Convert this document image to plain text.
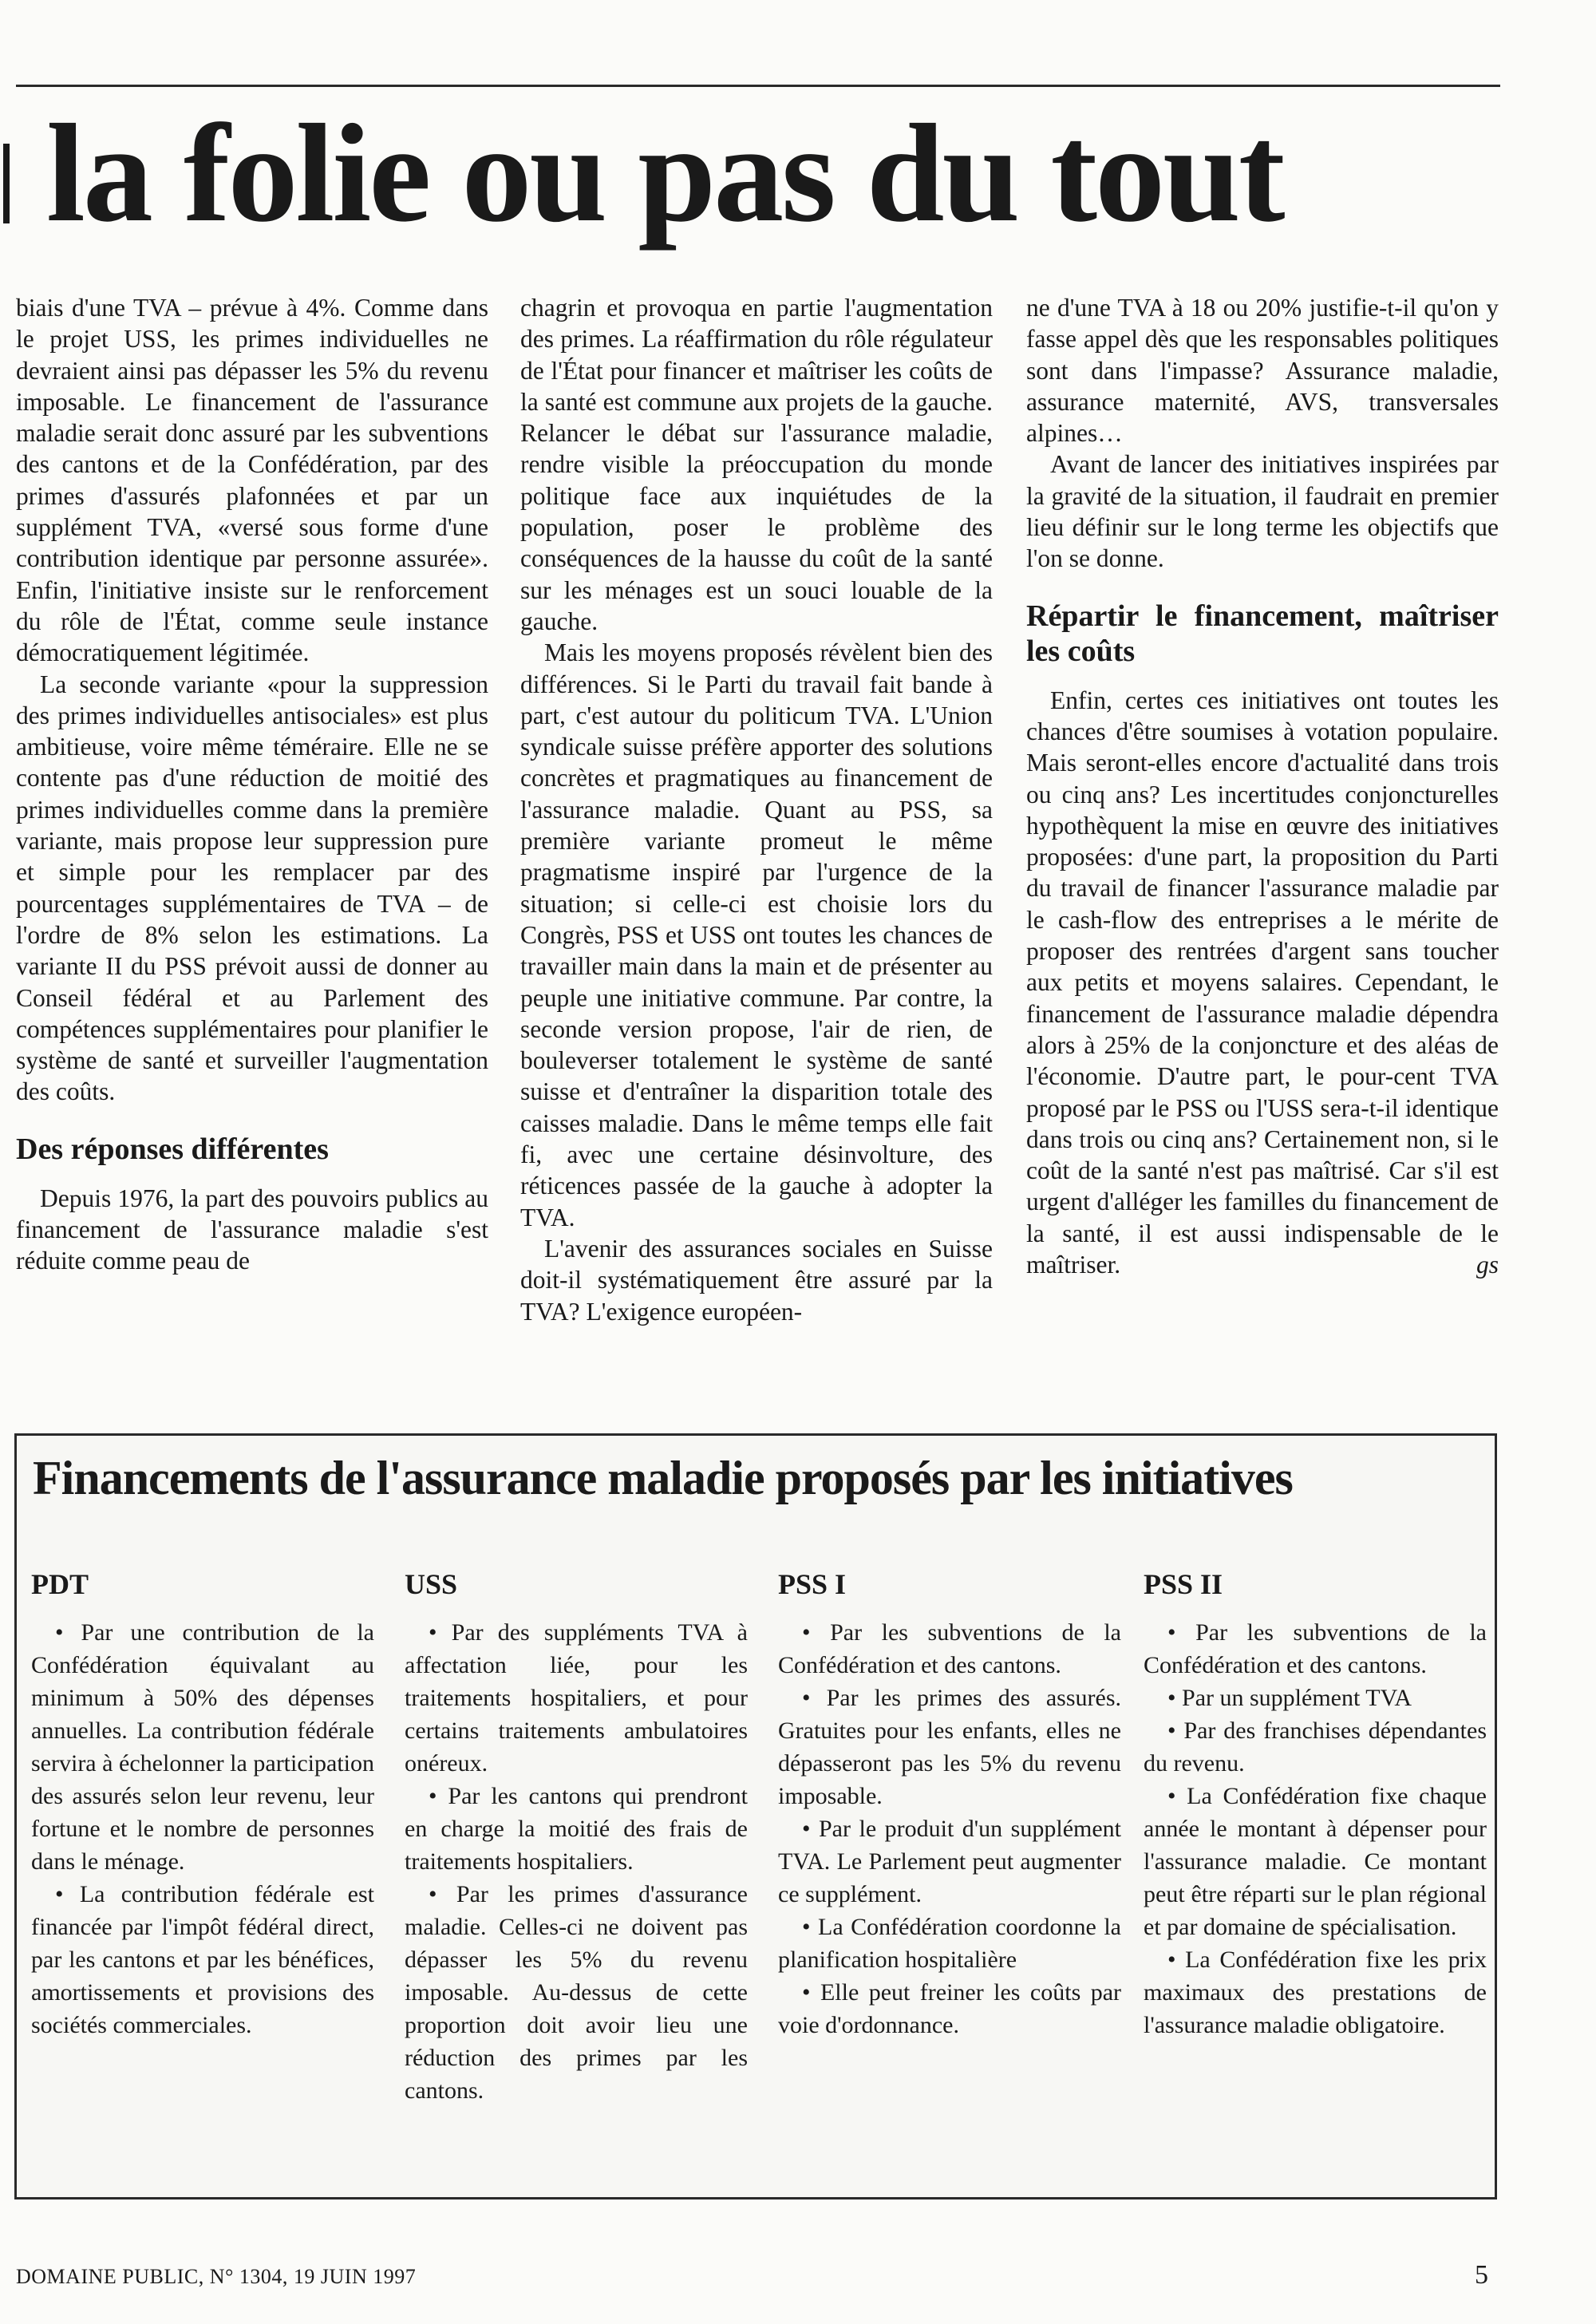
la folie ou pas du tout

biais d'une TVA – prévue à 4%. Comme dans le projet USS, les primes individuelles ne devraient ainsi pas dépasser les 5% du revenu imposable. Le financement de l'assurance maladie serait donc assuré par les subventions des cantons et de la Confédération, par des primes d'assurés plafonnées et par un supplément TVA, «versé sous forme d'une contribution identique par personne assurée». Enfin, l'initiative insiste sur le renforcement du rôle de l'État, comme seule instance démocratiquement légitimée.

La seconde variante «pour la suppression des primes individuelles antisociales» est plus ambitieuse, voire même téméraire. Elle ne se contente pas d'une réduction de moitié des primes individuelles comme dans la première variante, mais propose leur suppression pure et simple pour les remplacer par des pourcentages supplémentaires de TVA – de l'ordre de 8% selon les estimations. La variante II du PSS prévoit aussi de donner au Conseil fédéral et au Parlement des compétences supplémentaires pour planifier le système de santé et surveiller l'augmentation des coûts.

Des réponses différentes

Depuis 1976, la part des pouvoirs publics au financement de l'assurance maladie s'est réduite comme peau de

chagrin et provoqua en partie l'augmentation des primes. La réaffirmation du rôle régulateur de l'État pour financer et maîtriser les coûts de la santé est commune aux projets de la gauche. Relancer le débat sur l'assurance maladie, rendre visible la préoccupation du monde politique face aux inquiétudes de la population, poser le problème des conséquences de la hausse du coût de la santé sur les ménages est un souci louable de la gauche.

Mais les moyens proposés révèlent bien des différences. Si le Parti du travail fait bande à part, c'est autour du politicum TVA. L'Union syndicale suisse préfère apporter des solutions concrètes et pragmatiques au financement de l'assurance maladie. Quant au PSS, sa première variante promeut le même pragmatisme inspiré par l'urgence de la situation; si celle-ci est choisie lors du Congrès, PSS et USS ont toutes les chances de travailler main dans la main et de présenter au peuple une initiative commune. Par contre, la seconde version propose, l'air de rien, de bouleverser totalement le système de santé suisse et d'entraîner la disparition totale des caisses maladie. Dans le même temps elle fait fi, avec une certaine désinvolture, des réticences passée de la gauche à adopter la TVA.

L'avenir des assurances sociales en Suisse doit-il systématiquement être assuré par la TVA? L'exigence européen-

ne d'une TVA à 18 ou 20% justifie-t-il qu'on y fasse appel dès que les responsables politiques sont dans l'impasse? Assurance maladie, assurance maternité, AVS, transversales alpines…

Avant de lancer des initiatives inspirées par la gravité de la situation, il faudrait en premier lieu définir sur le long terme les objectifs que l'on se donne.

Répartir le financement, maîtriser les coûts

Enfin, certes ces initiatives ont toutes les chances d'être soumises à votation populaire. Mais seront-elles encore d'actualité dans trois ou cinq ans? Les incertitudes conjoncturelles hypothèquent la mise en œuvre des initiatives proposées: d'une part, la proposition du Parti du travail de financer l'assurance maladie par le cash-flow des entreprises a le mérite de proposer des rentrées d'argent sans toucher aux petits et moyens salaires. Cependant, le financement de l'assurance maladie dépendra alors à 25% de la conjoncture et des aléas de l'économie. D'autre part, le pour-cent TVA proposé par le PSS ou l'USS sera-t-il identique dans trois ou cinq ans? Certainement non, si le coût de la santé n'est pas maîtrisé. Car s'il est urgent d'alléger les familles du financement de la santé, il est aussi indispensable de le maîtriser.	gs

Financements de l'assurance maladie proposés par les initiatives
PDT

• Par une contribution de la Confédération équivalant au minimum à 50% des dépenses annuelles. La contribution fédérale servira à échelonner la participation des assurés selon leur revenu, leur fortune et le nombre de personnes dans le ménage.

• La contribution fédérale est financée par l'impôt fédéral direct, par les cantons et par les bénéfices, amortissements et provisions des sociétés commerciales.

USS

• Par des suppléments TVA à affectation liée, pour les traitements hospitaliers, et pour certains traitements ambulatoires onéreux.

• Par les cantons qui prendront en charge la moitié des frais de traitements hospitaliers.

• Par les primes d'assurance maladie. Celles-ci ne doivent pas dépasser les 5% du revenu imposable. Au-dessus de cette proportion doit avoir lieu une réduction des primes par les cantons.

PSS I

• Par les subventions de la Confédération et des cantons.

• Par les primes des assurés. Gratuites pour les enfants, elles ne dépasseront pas les 5% du revenu imposable.

• Par le produit d'un supplément TVA. Le Parlement peut augmenter ce supplément.

• La Confédération coordonne la planification hospitalière

• Elle peut freiner les coûts par voie d'ordonnance.

PSS II

• Par les subventions de la Confédération et des cantons.

• Par un supplément TVA

• Par des franchises dépendantes du revenu.

• La Confédération fixe chaque année le montant à dépenser pour l'assurance maladie. Ce montant peut être réparti sur le plan régional et par domaine de spécialisation.

• La Confédération fixe les prix maximaux des prestations de l'assurance maladie obligatoire.

DOMAINE PUBLIC, N° 1304, 19 JUIN 1997	5
